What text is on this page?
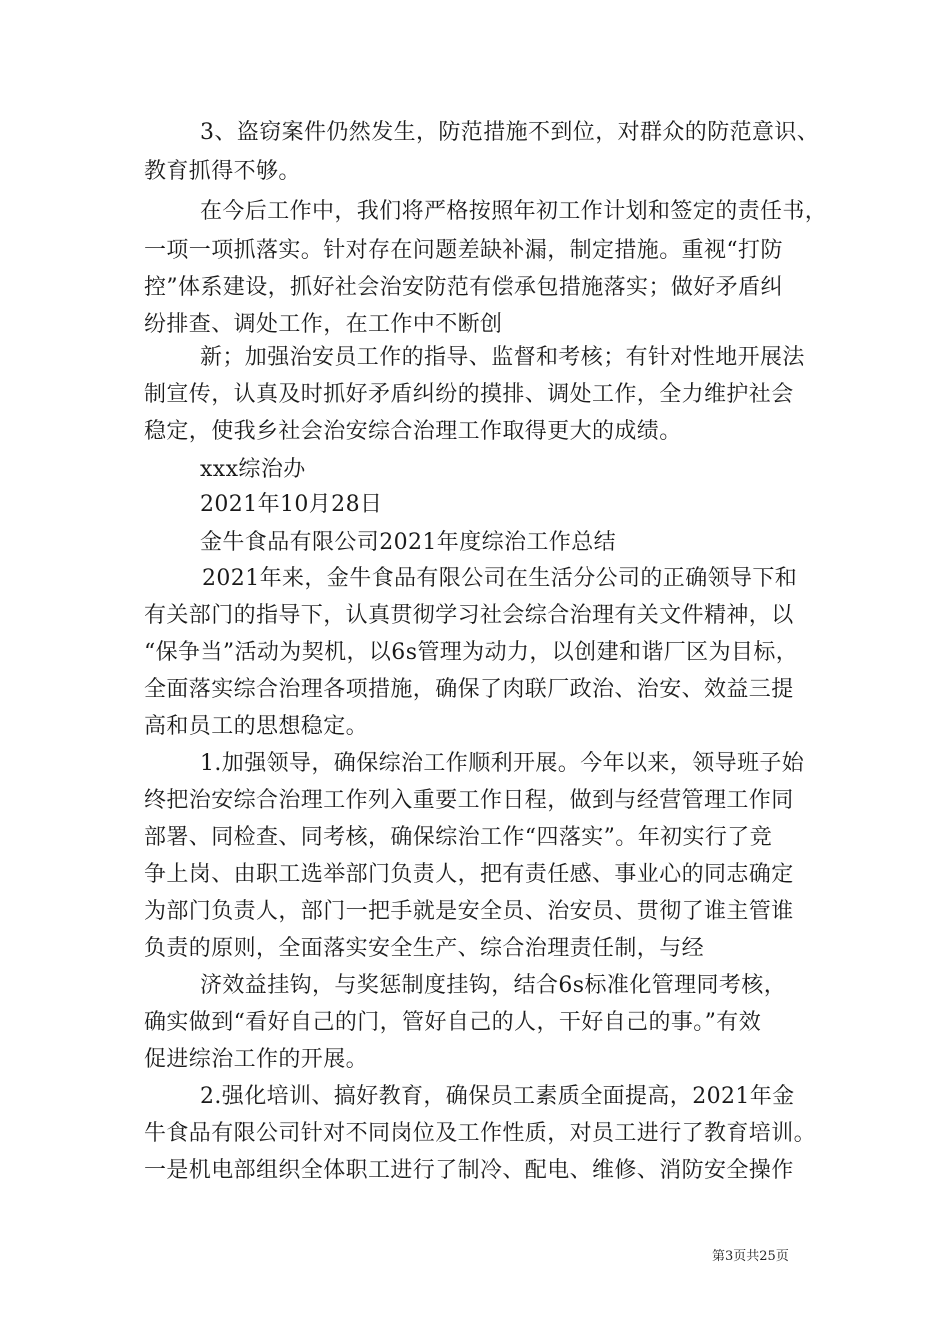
3、盗窃案件仍然发生，防范措施不到位，对群众的防范意识、
教育抓得不够。
在今后工作中，我们将严格按照年初工作计划和签定的责任书，
一项一项抓落实。针对存在问题差缺补漏，制定措施。重视“打防
控”体系建设，抓好社会治安防范有偿承包措施落实；做好矛盾纠
纷排查、调处工作，在工作中不断创
新；加强治安员工作的指导、监督和考核；有针对性地开展法
制宣传，认真及时抓好矛盾纠纷的摸排、调处工作，全力维护社会
稳定，使我乡社会治安综合治理工作取得更大的成绩。
xxx综治办
2021年10月28日
金牛食品有限公司2021年度综治工作总结
2021年来，金牛食品有限公司在生活分公司的正确领导下和
有关部门的指导下，认真贯彻学习社会综合治理有关文件精神，以
“保争当”活动为契机，以6s管理为动力，以创建和谐厂区为目标，
全面落实综合治理各项措施，确保了肉联厂政治、治安、效益三提
高和员工的思想稳定。
1.加强领导，确保综治工作顺利开展。今年以来，领导班子始
终把治安综合治理工作列入重要工作日程，做到与经营管理工作同
部署、同检查、同考核，确保综治工作“四落实”。年初实行了竞
争上岗、由职工选举部门负责人，把有责任感、事业心的同志确定
为部门负责人，部门一把手就是安全员、治安员、贯彻了谁主管谁
负责的原则，全面落实安全生产、综合治理责任制，与经
济效益挂钩，与奖惩制度挂钩，结合6s标准化管理同考核，
确实做到“看好自己的门，管好自己的人，干好自己的事。”有效
促进综治工作的开展。
2.强化培训、搞好教育，确保员工素质全面提高，2021年金
牛食品有限公司针对不同岗位及工作性质，对员工进行了教育培训。
一是机电部组织全体职工进行了制冷、配电、维修、消防安全操作
第3页共25页
